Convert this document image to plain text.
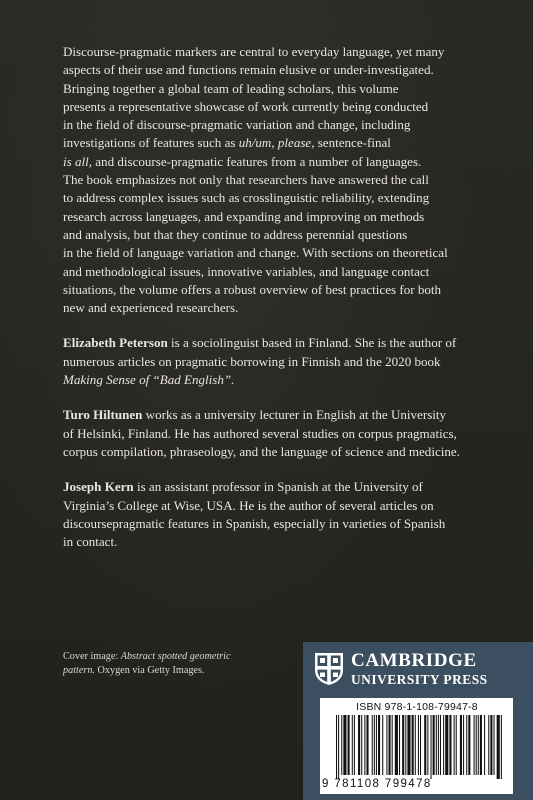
Discourse-pragmatic markers are central to everyday language, yet many
aspects of their use and functions remain elusive or under-investigated.
Bringing together a global team of leading scholars, this volume
presents a representative showcase of work currently being conducted
in the field of discourse-pragmatic variation and change, including
investigations of features such as uh/um, please, sentence-final
is all, and discourse-pragmatic features from a number of languages.
The book emphasizes not only that researchers have answered the call
to address complex issues such as crosslinguistic reliability, extending
research across languages, and expanding and improving on methods
and analysis, but that they continue to address perennial questions
in the field of language variation and change. With sections on theoretical
and methodological issues, innovative variables, and language contact
situations, the volume offers a robust overview of best practices for both
new and experienced researchers.

Elizabeth Peterson is a sociolinguist based in Finland. She is the author of
numerous articles on pragmatic borrowing in Finnish and the 2020 book
Making Sense of “Bad English”.

Turo Hiltunen works as a university lecturer in English at the University
of Helsinki, Finland. He has authored several studies on corpus pragmatics,
corpus compilation, phraseology, and the language of science and medicine.

Joseph Kern is an assistant professor in Spanish at the University of
Virginia’s College at Wise, USA. He is the author of several articles on
discoursepragmatic features in Spanish, especially in varieties of Spanish
in contact.

Cover image: Abstract spotted geometric
pattern. Oxygen via Getty Images.	CAMBRIDGE
UNIVERSITY PRESS
ISBN 978-1-108-79947-8
9 781108 799478
